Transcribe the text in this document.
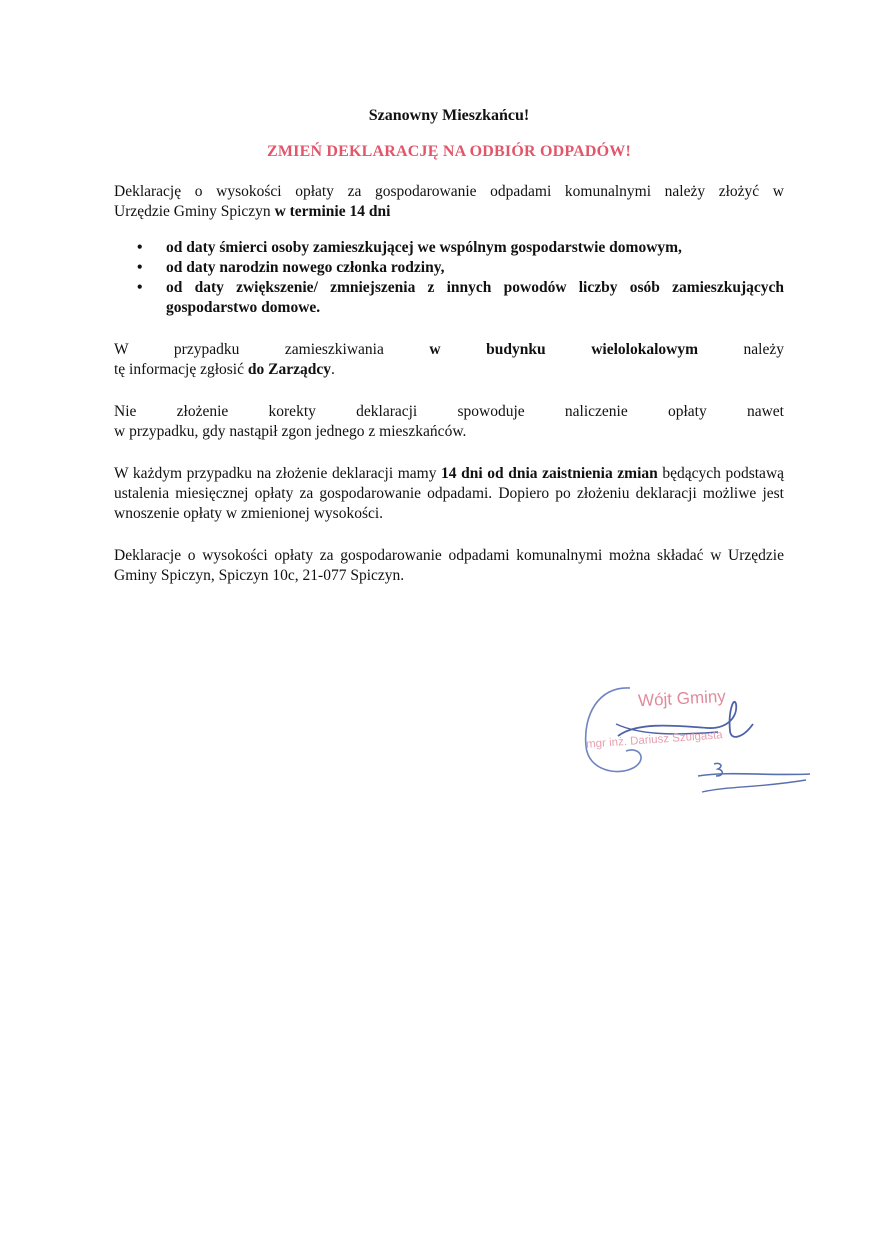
Szanowny Mieszkańcu!

ZMIEŃ DEKLARACJĘ NA ODBIÓR ODPADÓW!

Deklarację o wysokości opłaty za gospodarowanie odpadami komunalnymi należy złożyć w
Urzędzie Gminy Spiczyn w terminie 14 dni

• od daty śmierci osoby zamieszkującej we wspólnym gospodarstwie domowym,
• od daty narodzin nowego członka rodziny,
• od daty zwiększenie/ zmniejszenia z innych powodów liczby osób zamieszkujących gospodarstwo domowe.

W przypadku zamieszkiwania w budynku wielolokalowym należy
tę informację zgłosić do Zarządcy.

Nie złożenie korekty deklaracji spowoduje naliczenie opłaty nawet
w przypadku, gdy nastąpił zgon jednego z mieszkańców.

W każdym przypadku na złożenie deklaracji mamy 14 dni od dnia zaistnienia zmian będących podstawą ustalenia miesięcznej opłaty za gospodarowanie odpadami. Dopiero po złożeniu deklaracji możliwe jest wnoszenie opłaty w zmienionej wysokości.

Deklaracje o wysokości opłaty za gospodarowanie odpadami komunalnymi można składać w Urzędzie Gminy Spiczyn, Spiczyn 10c, 21-077 Spiczyn.

Wójt Gminy
mgr inż. Dariusz Szulgasta
